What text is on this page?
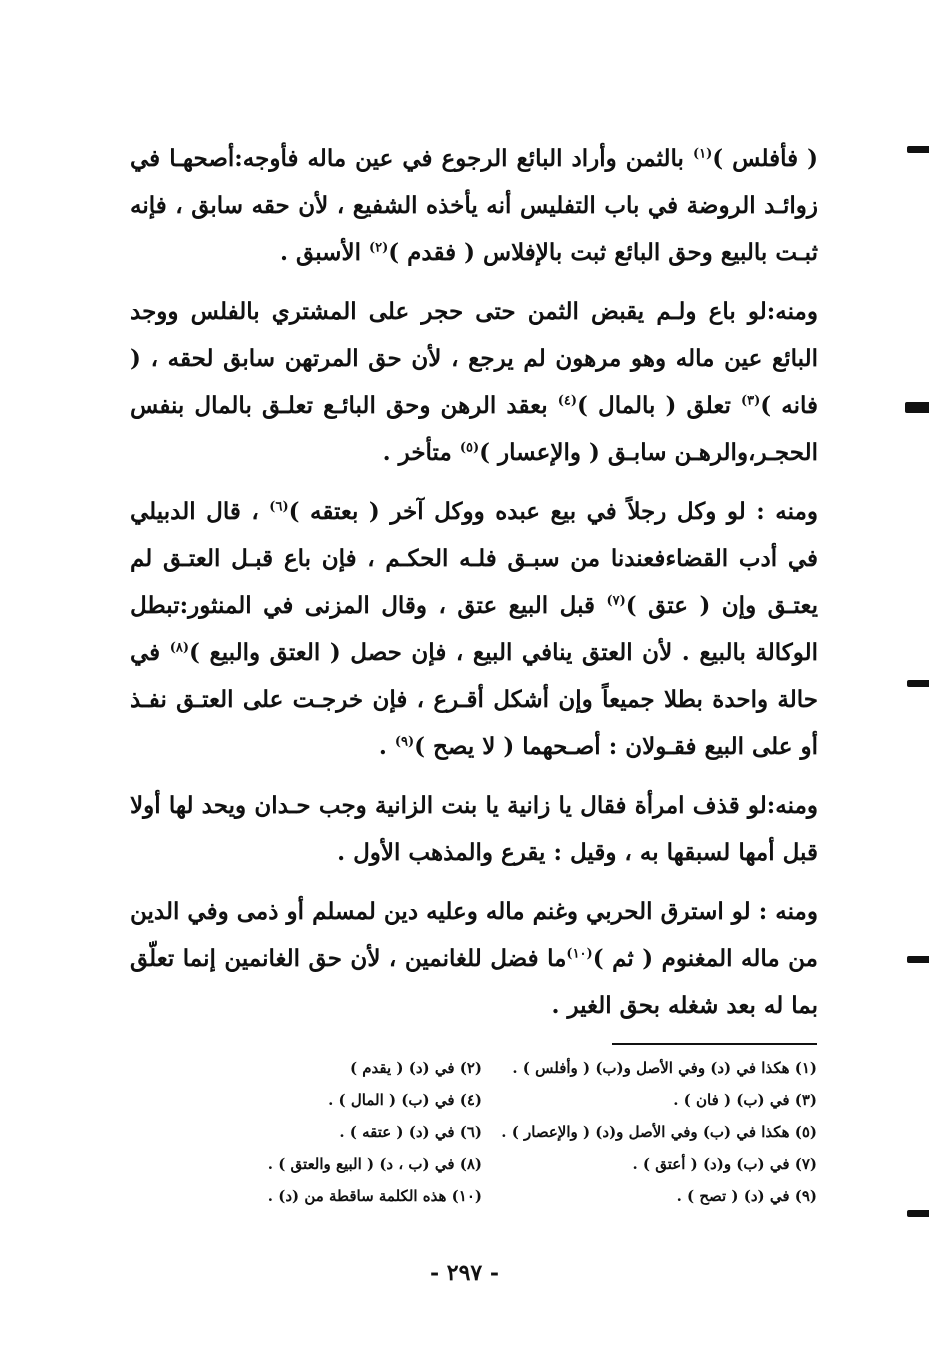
( فأفلس )$^{(١)}$ بالثمن وأراد البائع الرجوع في عين ماله فأوجه:أصحهـا في زوائـد الروضة في باب التفليس أنه يأخذه الشفيع ، لأن حقه سابق ، فإنه ثبـت بالبيع وحق البائع ثبت بالإفلاس ( فقدم )$^{(٢)}$ الأسبق .

ومنه:لو باع ولـم يقبض الثمن حتى حجر على المشتري بالفلس ووجد البائع عين ماله وهو مرهون لم يرجع ، لأن حق المرتهن سابق لحقه ، ( فانه )$^{(٣)}$ تعلق ( بالمال )$^{(٤)}$ بعقد الرهن وحق البائـع تعلـق بالمال بنفس الحجـر،والرهـن سابـق ( والإعسار )$^{(٥)}$ متأخر .

ومنه : لو وكل رجلاً في بيع عبده ووكل آخر ( بعتقه )$^{(٦)}$ ، قال الدبيلي في أدب القضاءفعندنا من سبـق فلـه الحكـم ، فإن باع قبـل العتـق لم يعتـق وإن ( عتق )$^{(٧)}$ قبل البيع عتق ، وقال المزنى في المنثور:تبطل الوكالة بالبيع . لأن العتق ينافي البيع ، فإن حصل ( العتق والبيع )$^{(٨)}$ في حالة واحدة بطلا جميعاً وإن أشكل أقـرع ، فإن خرجـت على العتـق نفـذ أو على البيع فقـولان : أصـحهما ( لا يصح )$^{(٩)}$ .

ومنه:لو قذف امرأة فقال يا زانية يا بنت الزانية وجب حـدان ويحد لها أولا قبل أمها لسبقها به ، وقيل : يقرع والمذهب الأول .

ومنه : لو استرق الحربي وغنم ماله وعليه دين لمسلم أو ذمى وفي الدين من ماله المغنوم ( ثم )$^{(١٠)}$ما فضل للغانمين ، لأن حق الغانمين إنما تعلّق بما له بعد شغله بحق الغير .

(١) هكذا في (د) وفي الأصل و(ب) ( وأفلس ) .
(٢) في (د) ( يقدم )
(٣) في (ب) ( فان ) .
(٤) في (ب) ( المال ) .
(٥) هكذا في (ب) وفي الأصل و(د) ( والإعصار ) .
(٦) في (د) ( عتقه ) .
(٧) في (ب) و(د) ( أعتق ) .
(٨) في (ب ، د) ( البيع والعتق ) .
(٩) في (د) ( تصح ) .
(١٠) هذه الكلمة ساقطة من (د) .
- ٢٩٧ -
